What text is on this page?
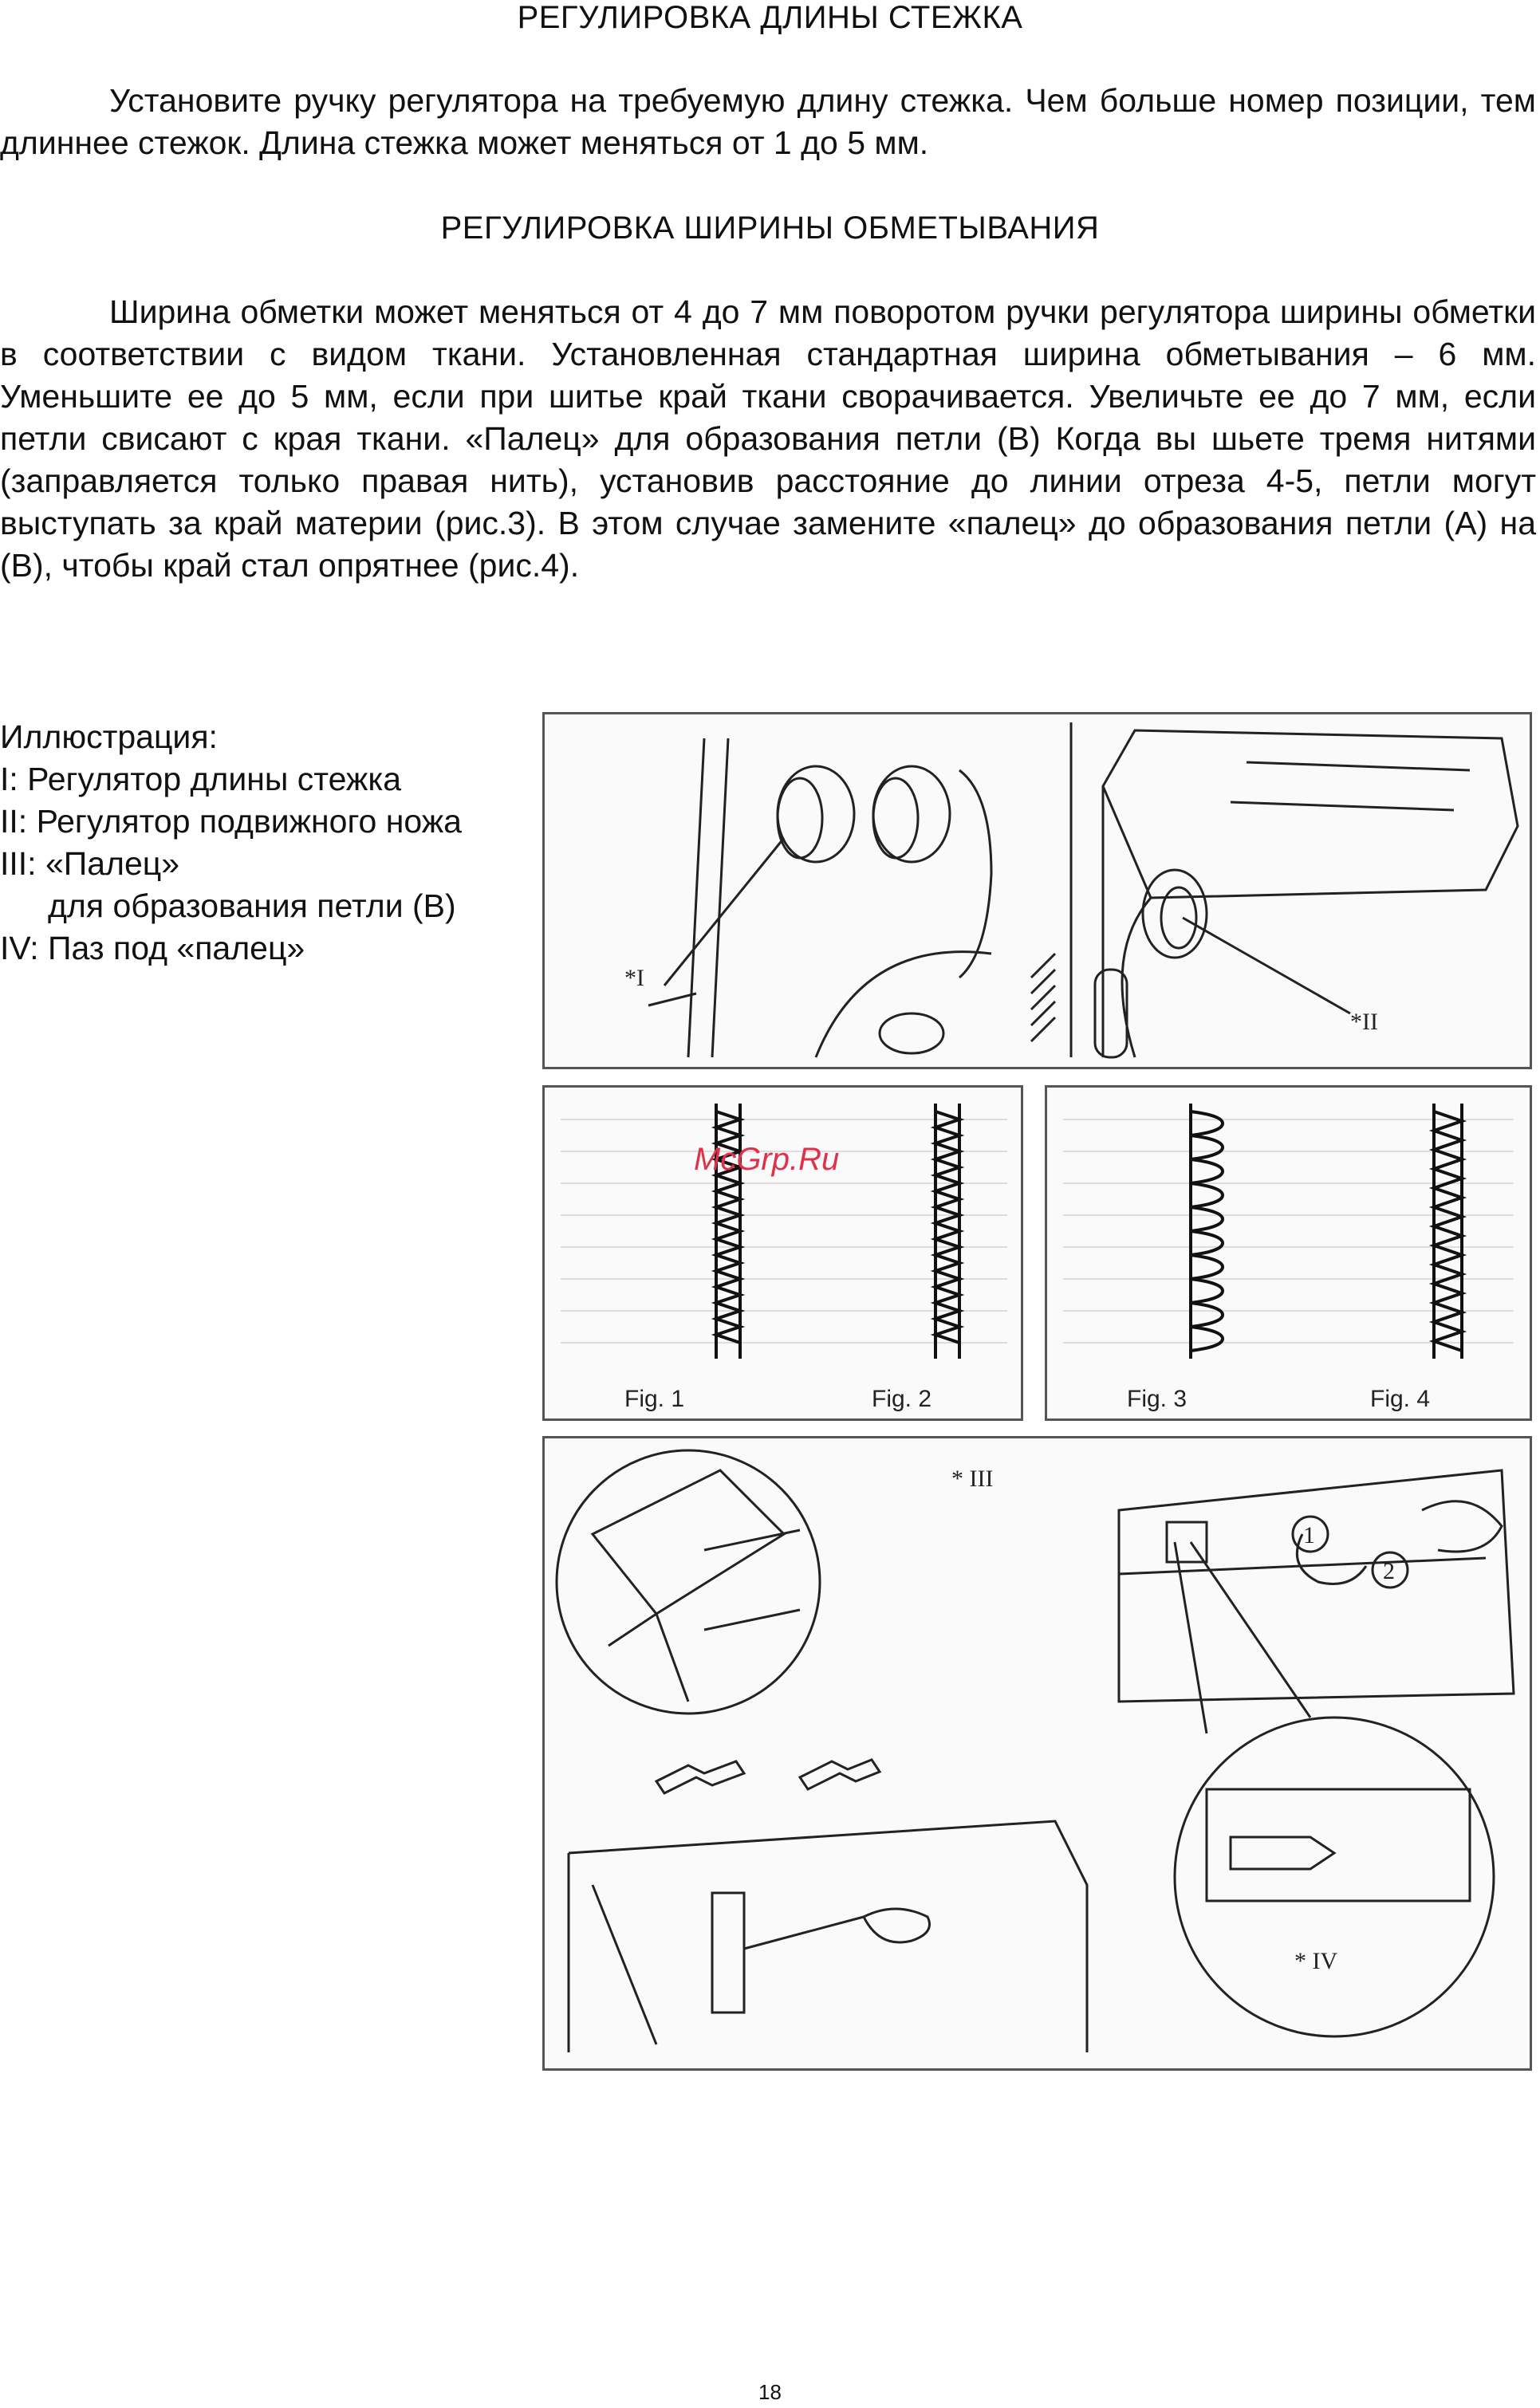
РЕГУЛИРОВКА ДЛИНЫ СТЕЖКА

Установите ручку регулятора на требуемую длину стежка. Чем больше номер позиции, тем длиннее стежок. Длина стежка может меняться от 1 до 5 мм.

РЕГУЛИРОВКА ШИРИНЫ ОБМЕТЫВАНИЯ

Ширина обметки может меняться от 4 до 7 мм поворотом ручки регулятора ширины обметки в соответствии с видом ткани. Установленная стандартная ширина обметывания – 6 мм. Уменьшите ее до 5 мм, если при шитье край ткани сворачивается. Увеличьте ее до 7 мм, если петли свисают с края ткани. «Палец» для образования петли (В) Когда вы шьете тремя нитями (заправляется только правая нить), установив расстояние до линии отреза 4-5, петли могут выступать за край материи (рис.3). В этом случае замените «палец» до образования петли (А) на (В), чтобы край стал опрятнее (рис.4).

Иллюстрация:
I: Регулятор длины стежка
II: Регулятор подвижного ножа
III: «Палец»
для образования петли (В)
IV: Паз под «палец»
*I
*II
Fig. 1	Fig. 2	Fig. 3	Fig. 4
1
2
* III
* IV
McGrp.Ru
18
